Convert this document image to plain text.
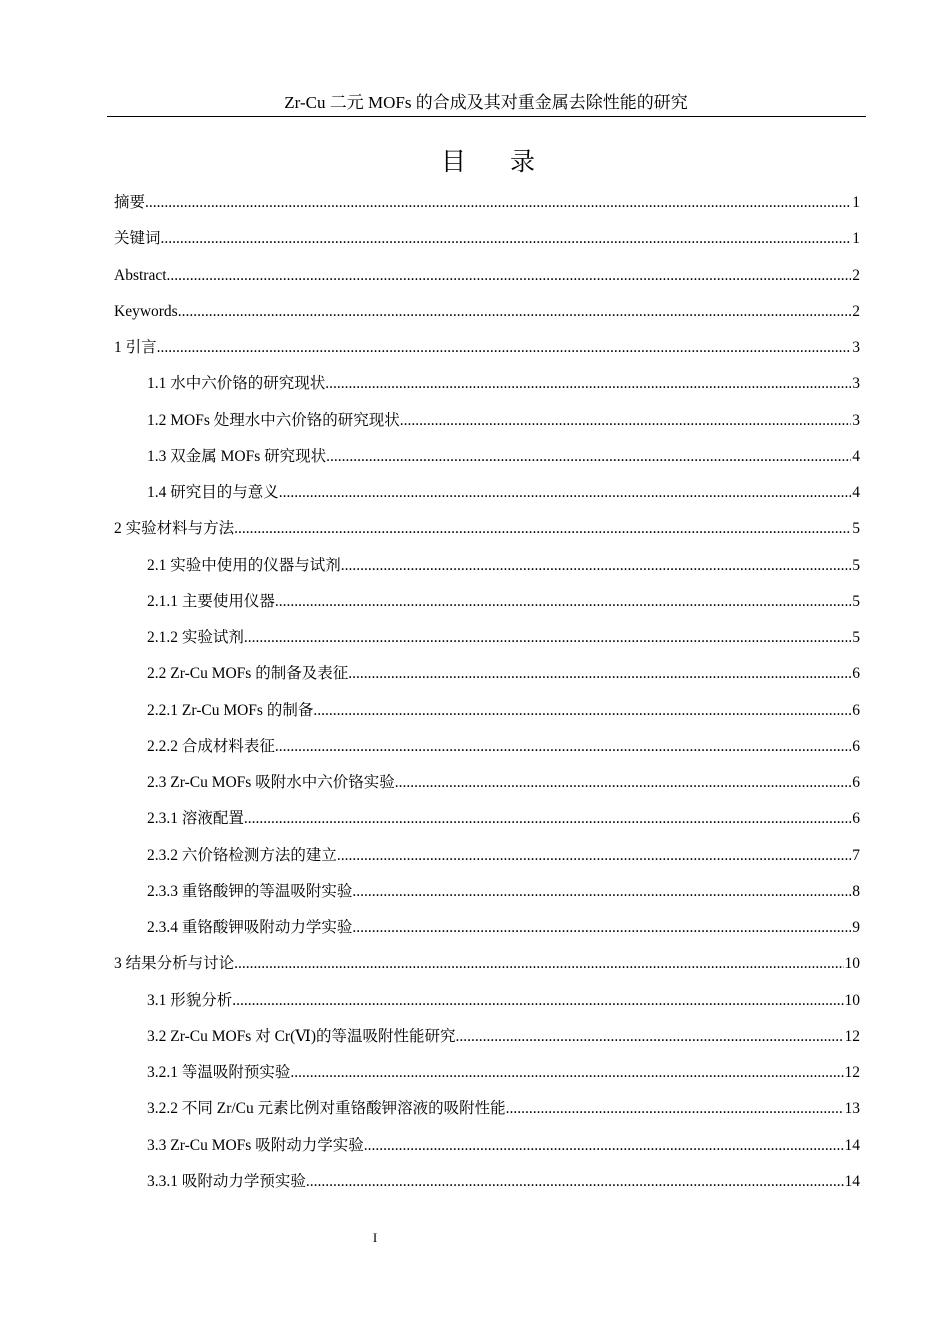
Zr-Cu 二元 MOFs 的合成及其对重金属去除性能的研究
目 录
摘要 .....	1
关键词 .....	1
Abstract .....	2
Keywords .....	2
1 引言 .....	3
1.1 水中六价铬的研究现状 .....	3
1.2 MOFs 处理水中六价铬的研究现状 .....	3
1.3 双金属 MOFs 研究现状 .....	4
1.4 研究目的与意义 .....	4
2 实验材料与方法 .....	5
2.1 实验中使用的仪器与试剂 .....	5
2.1.1 主要使用仪器 .....	5
2.1.2 实验试剂 .....	5
2.2 Zr-Cu MOFs 的制备及表征 .....	6
2.2.1 Zr-Cu MOFs 的制备 .....	6
2.2.2 合成材料表征 .....	6
2.3 Zr-Cu MOFs 吸附水中六价铬实验 .....	6
2.3.1 溶液配置 .....	6
2.3.2 六价铬检测方法的建立 .....	7
2.3.3 重铬酸钾的等温吸附实验 .....	8
2.3.4 重铬酸钾吸附动力学实验 .....	9
3 结果分析与讨论 .....	10
3.1 形貌分析 .....	10
3.2 Zr-Cu MOFs 对 Cr(Ⅵ)的等温吸附性能研究 .....	12
3.2.1 等温吸附预实验 .....	12
3.2.2 不同 Zr/Cu 元素比例对重铬酸钾溶液的吸附性能 .....	13
3.3 Zr-Cu MOFs 吸附动力学实验 .....	14
3.3.1 吸附动力学预实验 .....	14
I
